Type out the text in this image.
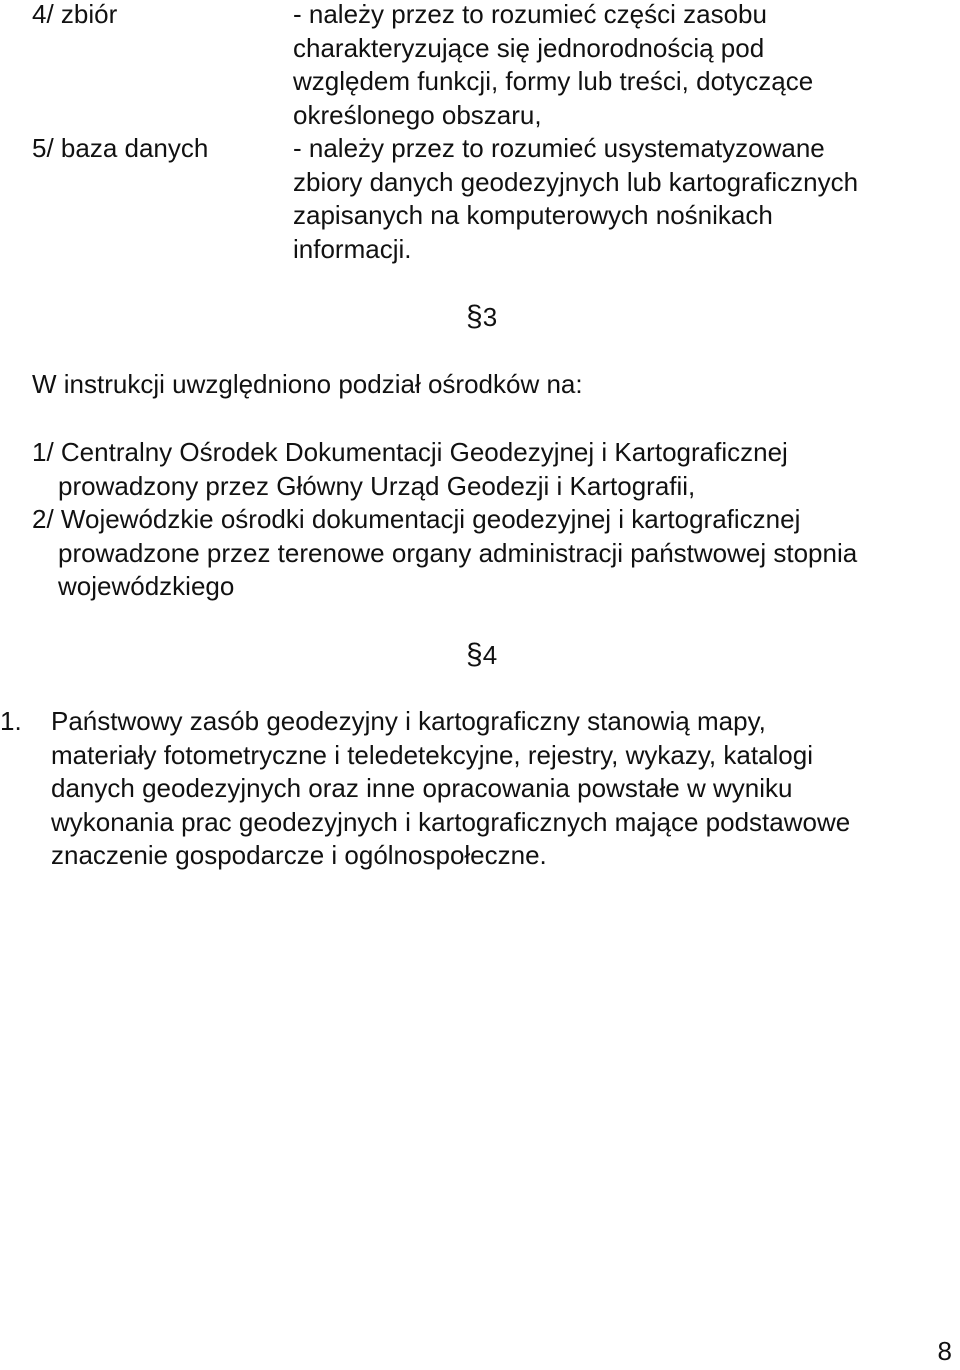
4/ zbiór	- należy przez to rozumieć części zasobu
charakteryzujące się jednorodnością pod
względem funkcji, formy lub treści, dotyczące
określonego obszaru,
5/ baza danych	- należy przez to rozumieć usystematyzowane
zbiory danych geodezyjnych lub kartograficznych
zapisanych na komputerowych nośnikach
informacji.
§3
W instrukcji uwzględniono podział ośrodków na:
1/ Centralny Ośrodek Dokumentacji Geodezyjnej i Kartograficznej
prowadzony przez Główny Urząd Geodezji i Kartografii,
2/ Wojewódzkie ośrodki dokumentacji geodezyjnej i kartograficznej
prowadzone przez terenowe organy administracji państwowej stopnia
wojewódzkiego
§4
1.	Państwowy zasób geodezyjny i kartograficzny stanowią mapy,
materiały fotometryczne i teledetekcyjne, rejestry, wykazy, katalogi
danych geodezyjnych oraz inne opracowania powstałe w wyniku
wykonania prac geodezyjnych i kartograficznych mające podstawowe
znaczenie gospodarcze i ogólnospołeczne.
8
